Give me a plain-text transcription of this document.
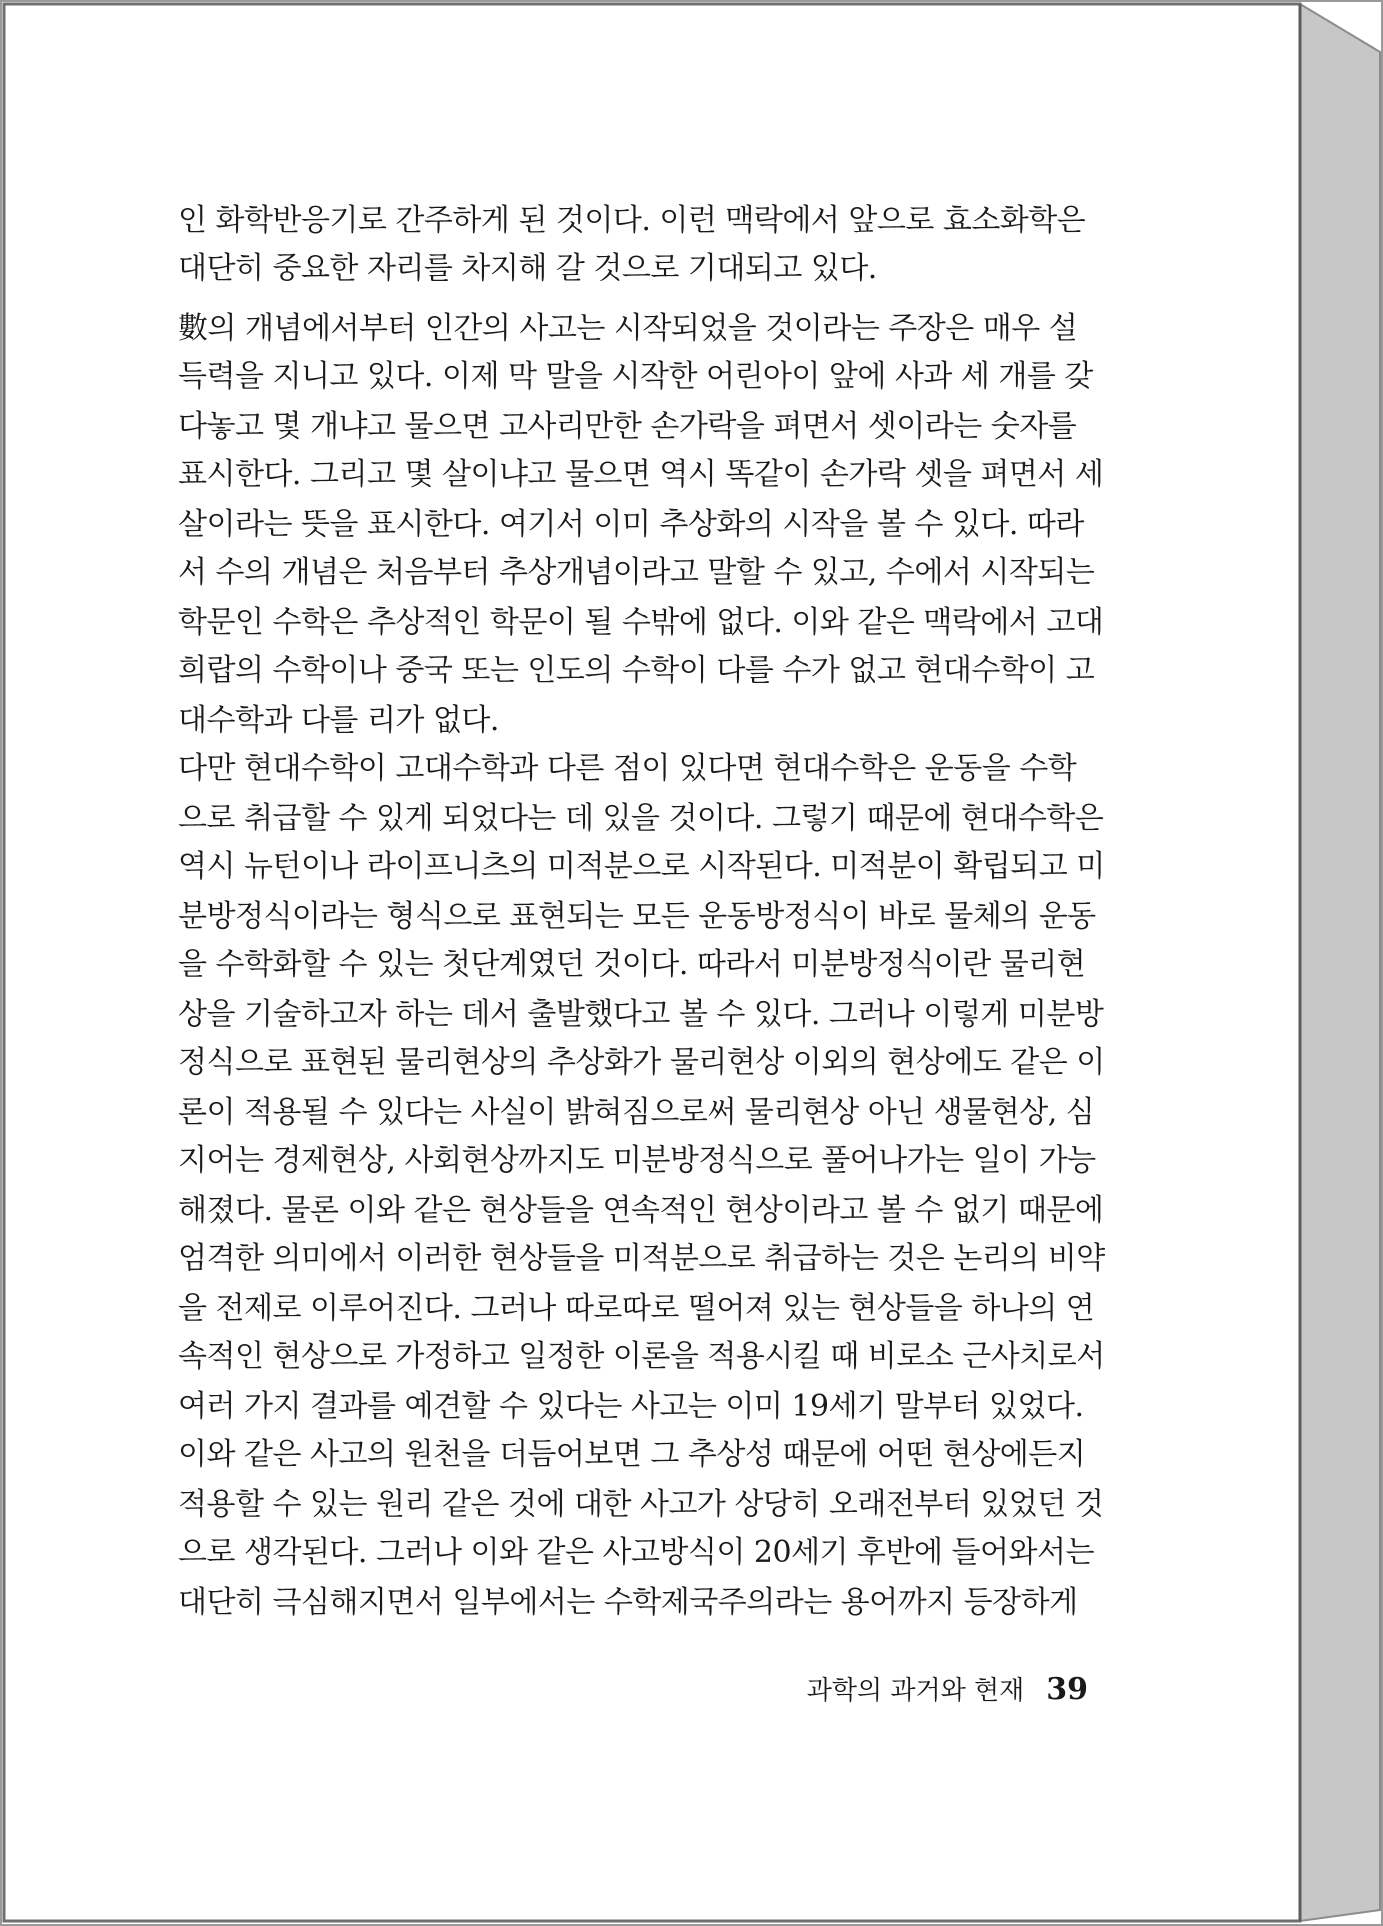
인 화학반응기로 간주하게 된 것이다. 이런 맥락에서 앞으로 효소화학은
대단히 중요한 자리를 차지해 갈 것으로 기대되고 있다.
數의 개념에서부터 인간의 사고는 시작되었을 것이라는 주장은 매우 설
득력을 지니고 있다. 이제 막 말을 시작한 어린아이 앞에 사과 세 개를 갖
다놓고 몇 개냐고 물으면 고사리만한 손가락을 펴면서 셋이라는 숫자를
표시한다. 그리고 몇 살이냐고 물으면 역시 똑같이 손가락 셋을 펴면서 세
살이라는 뜻을 표시한다. 여기서 이미 추상화의 시작을 볼 수 있다. 따라
서 수의 개념은 처음부터 추상개념이라고 말할 수 있고, 수에서 시작되는
학문인 수학은 추상적인 학문이 될 수밖에 없다. 이와 같은 맥락에서 고대
희랍의 수학이나 중국 또는 인도의 수학이 다를 수가 없고 현대수학이 고
대수학과 다를 리가 없다.
다만 현대수학이 고대수학과 다른 점이 있다면 현대수학은 운동을 수학
으로 취급할 수 있게 되었다는 데 있을 것이다. 그렇기 때문에 현대수학은
역시 뉴턴이나 라이프니츠의 미적분으로 시작된다. 미적분이 확립되고 미
분방정식이라는 형식으로 표현되는 모든 운동방정식이 바로 물체의 운동
을 수학화할 수 있는 첫단계였던 것이다. 따라서 미분방정식이란 물리현
상을 기술하고자 하는 데서 출발했다고 볼 수 있다. 그러나 이렇게 미분방
정식으로 표현된 물리현상의 추상화가 물리현상 이외의 현상에도 같은 이
론이 적용될 수 있다는 사실이 밝혀짐으로써 물리현상 아닌 생물현상, 심
지어는 경제현상, 사회현상까지도 미분방정식으로 풀어나가는 일이 가능
해졌다. 물론 이와 같은 현상들을 연속적인 현상이라고 볼 수 없기 때문에
엄격한 의미에서 이러한 현상들을 미적분으로 취급하는 것은 논리의 비약
을 전제로 이루어진다. 그러나 따로따로 떨어져 있는 현상들을 하나의 연
속적인 현상으로 가정하고 일정한 이론을 적용시킬 때 비로소 근사치로서
여러 가지 결과를 예견할 수 있다는 사고는 이미 19세기 말부터 있었다.
이와 같은 사고의 원천을 더듬어보면 그 추상성 때문에 어떤 현상에든지
적용할 수 있는 원리 같은 것에 대한 사고가 상당히 오래전부터 있었던 것
으로 생각된다. 그러나 이와 같은 사고방식이 20세기 후반에 들어와서는
대단히 극심해지면서 일부에서는 수학제국주의라는 용어까지 등장하게
과학의 과거와 현재 39
